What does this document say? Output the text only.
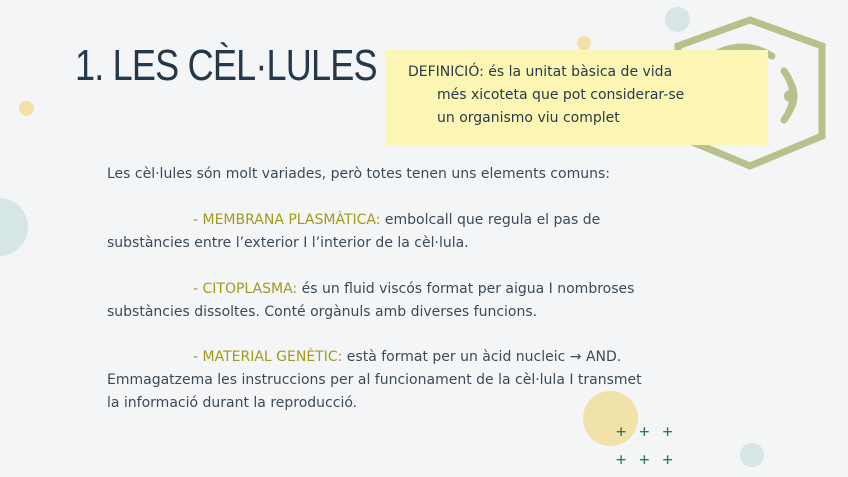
1. LES CÈL·LULES DEFINICIÓ: és la unitat bàsica de vida

més xicoteta que pot considerar-se

un organismo viu complet

Les cèl·lules són molt variades, però totes tenen uns elements comuns:
- MEMBRANA PLASMÀTICA: embolcall que regula el pas de
substàncies entre l’exterior I l’interior de la cèl·lula.
- CITOPLASMA: és un fluid viscós format per aigua I nombroses
substàncies dissoltes. Conté orgànuls amb diverses funcions.
- MATERIAL GENÈTIC: està format per un àcid nucleic → AND.
Emmagatzema les instruccions per al funcionament de la cèl·lula I transmet
la informació durant la reproducció.
+++
+++
